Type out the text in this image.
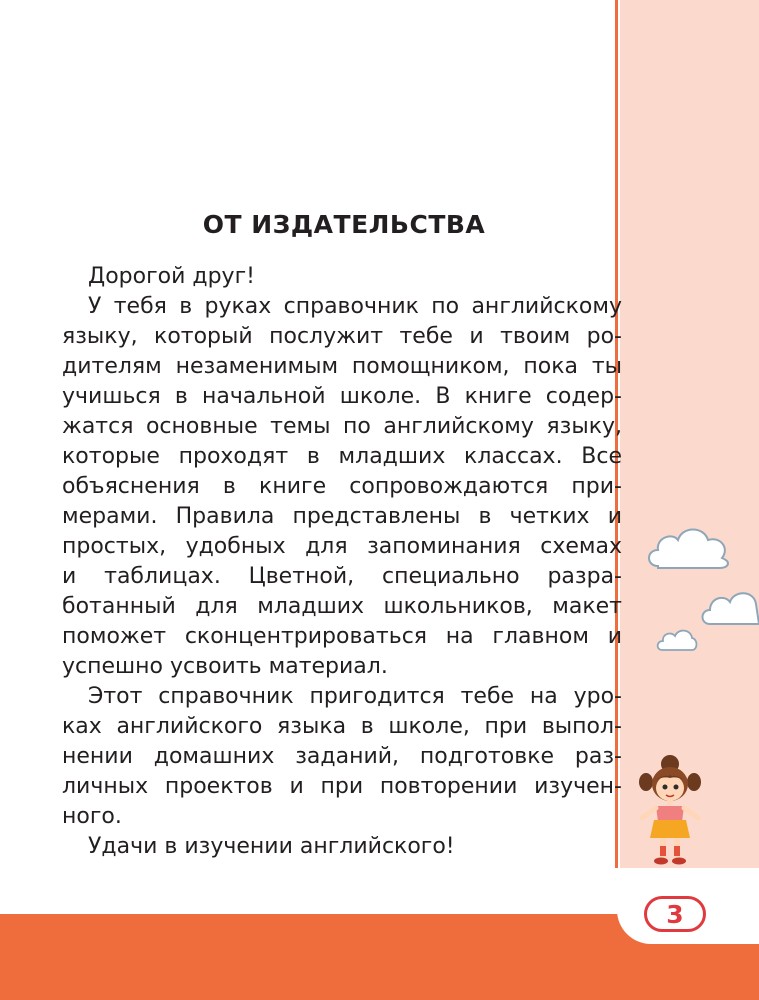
3
ОТ ИЗДАТЕЛЬСТВА
Дорогой друг!
У тебя в руках справочник по английскому
языку, который послужит тебе и твоим ро-
дителям незаменимым помощником, пока ты
учишься в начальной школе. В книге содер-
жатся основные темы по английскому языку,
которые проходят в младших классах. Все
объяснения в книге сопровождаются при-
мерами. Правила представлены в четких и
простых, удобных для запоминания схемах
и таблицах. Цветной, специально разра-
ботанный для младших школьников, макет
поможет сконцентрироваться на главном и
успешно усвоить материал.
Этот справочник пригодится тебе на уро-
ках английского языка в школе, при выпол-
нении домашних заданий, подготовке раз-
личных проектов и при повторении изучен-
ного.
Удачи в изучении английского!
